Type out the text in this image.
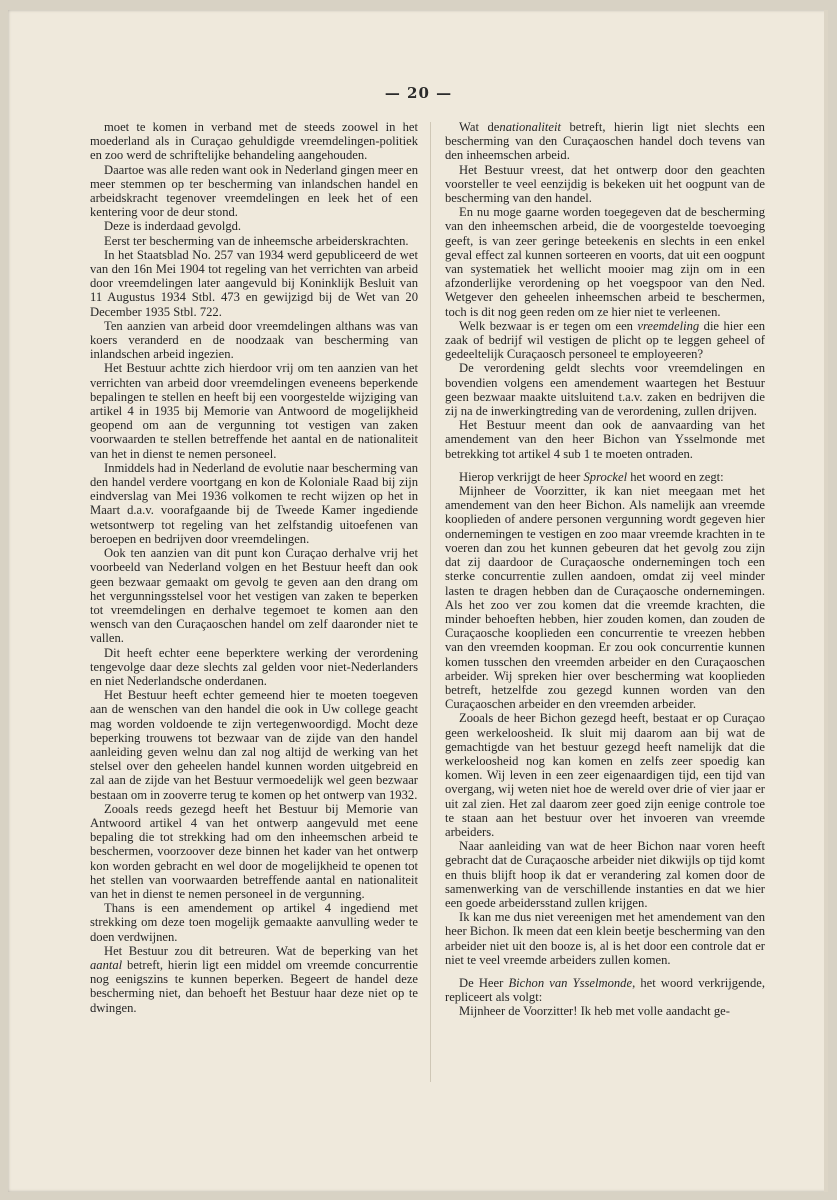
— 20 —

moet te komen in verband met de steeds zoowel in het moederland als in Curaçao gehuldigde vreemdelingen-politiek en zoo werd de schriftelijke behandeling aangehouden.

Daartoe was alle reden want ook in Nederland gingen meer en meer stemmen op ter bescherming van inlandschen handel en arbeidskracht tegenover vreemdelingen en leek het of een kentering voor de deur stond.

Deze is inderdaad gevolgd.

Eerst ter bescherming van de inheemsche arbeiderskrachten.

In het Staatsblad No. 257 van 1934 werd gepubliceerd de wet van den 16n Mei 1904 tot regeling van het verrichten van arbeid door vreemdelingen later aangevuld bij Koninklijk Besluit van 11 Augustus 1934 Stbl. 473 en gewijzigd bij de Wet van 20 December 1935 Stbl. 722.

Ten aanzien van arbeid door vreemdelingen althans was van koers veranderd en de noodzaak van bescherming van inlandschen arbeid ingezien.

Het Bestuur achtte zich hierdoor vrij om ten aanzien van het verrichten van arbeid door vreemdelingen eveneens beperkende bepalingen te stellen en heeft bij een voorgestelde wijziging van artikel 4 in 1935 bij Memorie van Antwoord de mogelijkheid geopend om aan de vergunning tot vestigen van zaken voorwaarden te stellen betreffende het aantal en de nationaliteit van het in dienst te nemen personeel.

Inmiddels had in Nederland de evolutie naar bescherming van den handel verdere voortgang en kon de Koloniale Raad bij zijn eindverslag van Mei 1936 volkomen te recht wijzen op het in Maart d.a.v. voorafgaande bij de Tweede Kamer ingediende wetsontwerp tot regeling van het zelfstandig uitoefenen van beroepen en bedrijven door vreemdelingen.

Ook ten aanzien van dit punt kon Curaçao derhalve vrij het voorbeeld van Nederland volgen en het Bestuur heeft dan ook geen bezwaar gemaakt om gevolg te geven aan den drang om het vergunningsstelsel voor het vestigen van zaken te beperken tot vreemdelingen en derhalve tegemoet te komen aan den wensch van den Curaçaoschen handel om zelf daaronder niet te vallen.

Dit heeft echter eene beperktere werking der verordening tengevolge daar deze slechts zal gelden voor niet-Nederlanders en niet Nederlandsche onderdanen.

Het Bestuur heeft echter gemeend hier te moeten toegeven aan de wenschen van den handel die ook in Uw college geacht mag worden voldoende te zijn vertegenwoordigd. Mocht deze beperking trouwens tot bezwaar van de zijde van den handel aanleiding geven welnu dan zal nog altijd de werking van het stelsel over den geheelen handel kunnen worden uitgebreid en zal aan de zijde van het Bestuur vermoedelijk wel geen bezwaar bestaan om in zooverre terug te komen op het ontwerp van 1932.

Zooals reeds gezegd heeft het Bestuur bij Memorie van Antwoord artikel 4 van het ontwerp aangevuld met eene bepaling die tot strekking had om den inheemschen arbeid te beschermen, voorzoover deze binnen het kader van het ontwerp kon worden gebracht en wel door de mogelijkheid te openen tot het stellen van voorwaarden betreffende aantal en nationaliteit van het in dienst te nemen personeel in de vergunning.

Thans is een amendement op artikel 4 ingediend met strekking om deze toen mogelijk gemaakte aanvulling weder te doen verdwijnen.

Het Bestuur zou dit betreuren. Wat de beperking van het aantal betreft, hierin ligt een middel om vreemde concurrentie nog eenigszins te kunnen beperken. Begeert de handel deze bescherming niet, dan behoeft het Bestuur haar deze niet op te dwingen.

Wat denationaliteit betreft, hierin ligt niet slechts een bescherming van den Curaçaoschen handel doch tevens van den inheemschen arbeid.

Het Bestuur vreest, dat het ontwerp door den geachten voorsteller te veel eenzijdig is bekeken uit het oogpunt van de bescherming van den handel.

En nu moge gaarne worden toegegeven dat de bescherming van den inheemschen arbeid, die de voorgestelde toevoeging geeft, is van zeer geringe beteekenis en slechts in een enkel geval effect zal kunnen sorteeren en voorts, dat uit een oogpunt van systematiek het wellicht mooier mag zijn om in een afzonderlijke verordening op het voegspoor van den Ned. Wetgever den geheelen inheemschen arbeid te beschermen, toch is dit nog geen reden om ze hier niet te verleenen.

Welk bezwaar is er tegen om een vreemdeling die hier een zaak of bedrijf wil vestigen de plicht op te leggen geheel of gedeeltelijk Curaçaosch personeel te employeeren?

De verordening geldt slechts voor vreemdelingen en bovendien volgens een amendement waartegen het Bestuur geen bezwaar maakte uitsluitend t.a.v. zaken en bedrijven die zij na de inwerkingtreding van de verordening, zullen drijven.

Het Bestuur meent dan ook de aanvaarding van het amendement van den heer Bichon van Ysselmonde met betrekking tot artikel 4 sub 1 te moeten ontraden.

Hierop verkrijgt de heer Sprockel het woord en zegt:

Mijnheer de Voorzitter, ik kan niet meegaan met het amendement van den heer Bichon. Als namelijk aan vreemde kooplieden of andere personen vergunning wordt gegeven hier ondernemingen te vestigen en zoo maar vreemde krachten in te voeren dan zou het kunnen gebeuren dat het gevolg zou zijn dat zij daardoor de Curaçaosche ondernemingen toch een sterke concurrentie zullen aandoen, omdat zij veel minder lasten te dragen hebben dan de Curaçaosche ondernemingen. Als het zoo ver zou komen dat die vreemde krachten, die minder behoeften hebben, hier zouden komen, dan zouden de Curaçaosche kooplieden een concurrentie te vreezen hebben van den vreemden koopman. Er zou ook concurrentie kunnen komen tusschen den vreemden arbeider en den Curaçaoschen arbeider. Wij spreken hier over bescherming wat kooplieden betreft, hetzelfde zou gezegd kunnen worden van den Curaçaoschen arbeider en den vreemden arbeider.

Zooals de heer Bichon gezegd heeft, bestaat er op Curaçao geen werkeloosheid. Ik sluit mij daarom aan bij wat de gemachtigde van het bestuur gezegd heeft namelijk dat die werkeloosheid nog kan komen en zelfs zeer spoedig kan komen. Wij leven in een zeer eigenaardigen tijd, een tijd van overgang, wij weten niet hoe de wereld over drie of vier jaar er uit zal zien. Het zal daarom zeer goed zijn eenige controle toe te staan aan het bestuur over het invoeren van vreemde arbeiders.

Naar aanleiding van wat de heer Bichon naar voren heeft gebracht dat de Curaçaosche arbeider niet dikwijls op tijd komt en thuis blijft hoop ik dat er verandering zal komen door de samenwerking van de verschillende instanties en dat we hier een goede arbeidersstand zullen krijgen.

Ik kan me dus niet vereenigen met het amendement van den heer Bichon. Ik meen dat een klein beetje bescherming van den arbeider niet uit den booze is, al is het door een controle dat er niet te veel vreemde arbeiders zullen komen.

De Heer Bichon van Ysselmonde, het woord verkrijgende, repliceert als volgt:

Mijnheer de Voorzitter! Ik heb met volle aandacht ge-
